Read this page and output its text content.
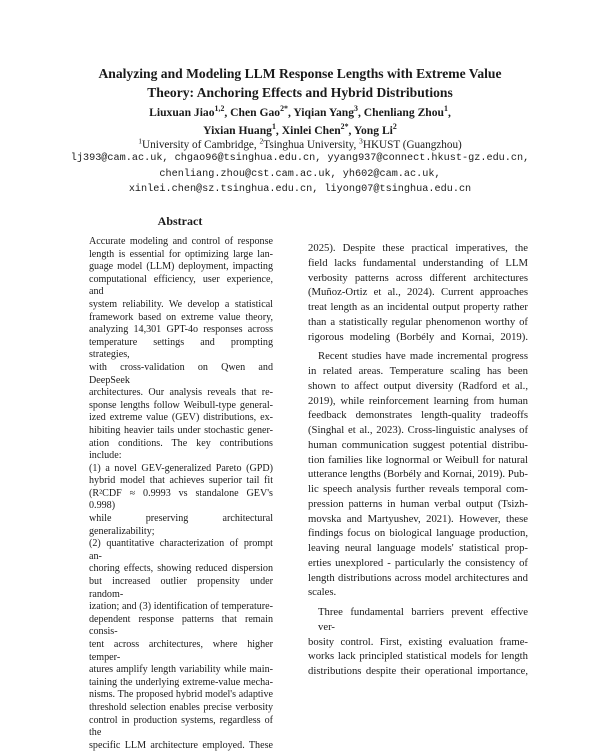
Analyzing and Modeling LLM Response Lengths with Extreme Value
Theory: Anchoring Effects and Hybrid Distributions
Liuxuan Jiao$^{1,2}$, Chen Gao$^{2*}$, Yiqian Yang$^3$, Chenliang Zhou$^1$,
Yixian Huang$^1$, Xinlei Chen$^{2*}$, Yong Li$^2$
$^1$University of Cambridge, $^2$Tsinghua University, $^3$HKUST (Guangzhou)
lj393@cam.ac.uk, chgao96@tsinghua.edu.cn, yyang937@connect.hkust-gz.edu.cn,
chenliang.zhou@cst.cam.ac.uk, yh602@cam.ac.uk,
xinlei.chen@sz.tsinghua.edu.cn, liyong07@tsinghua.edu.cn
Abstract
Accurate modeling and control of response
length is essential for optimizing large lan-
guage model (LLM) deployment, impacting
computational efficiency, user experience, and
system reliability. We develop a statistical
framework based on extreme value theory,
analyzing 14,301 GPT-4o responses across
temperature settings and prompting strategies,
with cross-validation on Qwen and DeepSeek
architectures. Our analysis reveals that re-
sponse lengths follow Weibull-type general-
ized extreme value (GEV) distributions, ex-
hibiting heavier tails under stochastic gener-
ation conditions. The key contributions include:
(1) a novel GEV-generalized Pareto (GPD)
hybrid model that achieves superior tail fit
(R²CDF ≈ 0.9993 vs standalone GEV's 0.998)
while preserving architectural generalizability;
(2) quantitative characterization of prompt an-
choring effects, showing reduced dispersion
but increased outlier propensity under random-
ization; and (3) identification of temperature-
dependent response patterns that remain consis-
tent across architectures, where higher temper-
atures amplify length variability while main-
taining the underlying extreme-value mecha-
nisms. The proposed hybrid model's adaptive
threshold selection enables precise verbosity
control in production systems, regardless of the
specific LLM architecture employed. These
2025). Despite these practical imperatives, the
field lacks fundamental understanding of LLM
verbosity patterns across different architectures
(Muñoz-Ortiz et al., 2024). Current approaches
treat length as an incidental output property rather
than a statistically regular phenomenon worthy of
rigorous modeling (Borbély and Kornai, 2019).

Recent studies have made incremental progress
in related areas. Temperature scaling has been
shown to affect output diversity (Radford et al.,
2019), while reinforcement learning from human
feedback demonstrates length-quality tradeoffs
(Singhal et al., 2023). Cross-linguistic analyses of
human communication suggest potential distribu-
tion families like lognormal or Weibull for natural
utterance lengths (Borbély and Kornai, 2019). Pub-
lic speech analysis further reveals temporal com-
pression patterns in human verbal output (Tsizh-
movska and Martyushev, 2021). However, these
findings focus on biological language production,
leaving neural language models' statistical prop-
erties unexplored - particularly the consistency of
length distributions across model architectures and
scales.

Three fundamental barriers prevent effective ver-
bosity control. First, existing evaluation frame-
works lack principled statistical models for length
distributions despite their operational importance,
